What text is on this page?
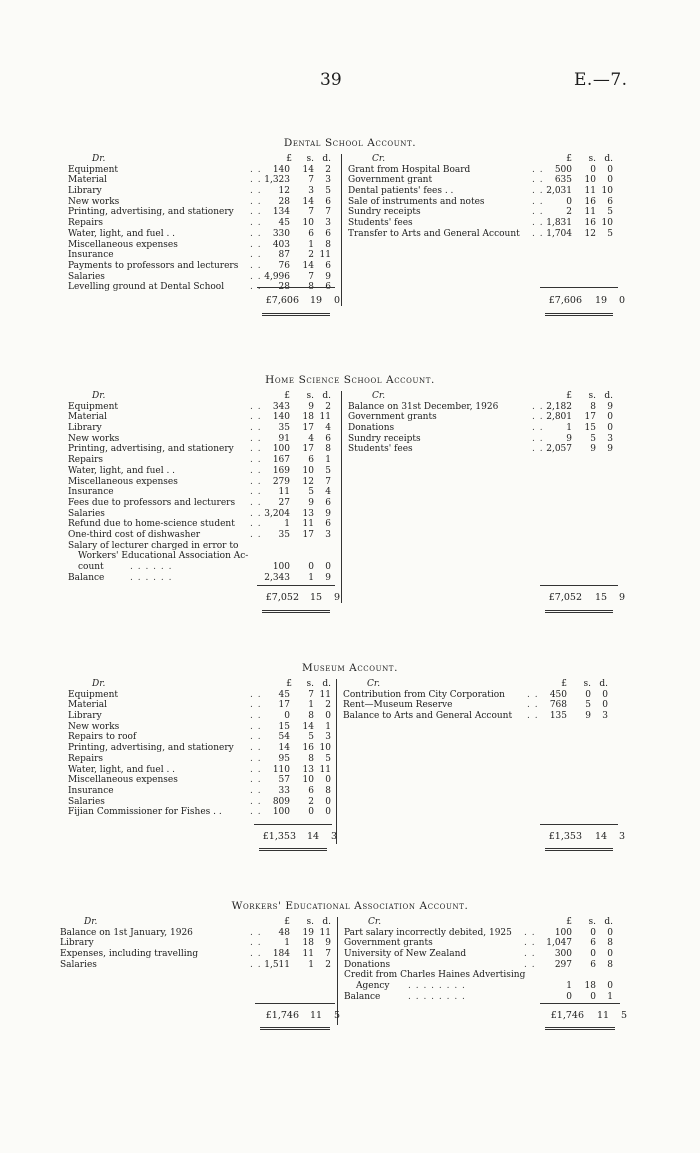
39	E.—7.
Dental School Account.
Dr.	£	s. d.
Equipment	. .	140	14	2
Material	. . 1,323	7	3
Library	. .	12	3	5
New works	. .	28	14	6
Printing, advertising, and stationery . .	134	7	7
Repairs	. .	45	10	3
Water, light, and fuel . .	. .	330	6	6
Miscellaneous expenses	. .	403	1	8
Insurance	. .	87	2 11
Payments to professors and lecturers . .	76	14	6
Salaries	. . 4,996	7	9
Levelling ground at Dental School	. .	28	8	6
Cr.	£	s. d.
Grant from Hospital Board	. .	500	0	0
Government grant	. .	635	10	0
Dental patients' fees . .	. . 2,031	11 10
Sale of instruments and notes	. .	0	16	6
Sundry receipts	. .	2	11	5
Students' fees	. . 1,831	16 10
Transfer to Arts and General Account . . 1,704	12	5
£7,606 19 0	£7,606 19 0
Home Science School Account.
Dr.	£	s. d.
Equipment	. .	343	9	2
Material	. .	140	18 11
Library	. .	35	17	4
New works	. .	91	4	6
Printing, advertising, and stationery . .	100	17	8
Repairs	. .	167	6	1
Water, light, and fuel . .	. .	169	10	5
Miscellaneous expenses	. .	279	12	7
Insurance	. .	11	5	4
Fees due to professors and lecturers . .	27	9	6
Salaries	. . 3,204	13	9
Refund due to home-science student . .	1	11	6
One-third cost of dishwasher	. .	35	17	3
Salary of lecturer charged in error to
Workers' Educational Association Ac-
count	. . . . . .	100	0	0
Balance	. . . . . .	2,343	1	9
Cr.	£	s. d.
Balance on 31st December, 1926	. . 2,182	8	9
Government grants	. . 2,801	17	0
Donations	. .	1	15	0
Sundry receipts	. .	9	5	3
Students' fees	. . 2,057	9	9
£7,052 15 9	£7,052 15 9
Museum Account.
Dr.	£	s. d.
Equipment	. .	45	7 11
Material	. .	17	1	2
Library	. .	0	8	0
New works	. .	15	14	1
Repairs to roof	. .	54	5	3
Printing, advertising, and stationery . .	14	16 10
Repairs	. .	95	8	5
Water, light, and fuel . .	. .	110	13 11
Miscellaneous expenses	. .	57	10	0
Insurance	. .	33	6	8
Salaries	. .	809	2	0
Fijian Commissioner for Fishes . .	. .	100	0	0
Cr.	£	s. d.
Contribution from City Corporation . .	450	0	0
Rent—Museum Reserve	. .	768	5	0
Balance to Arts and General Account . .	135	9	3
£1,353 14 3	£1,353 14 3
Workers' Educational Association Account.
Dr.	£	s. d.
Balance on 1st January, 1926	. .	48	19 11
Library	. .	1	18	9
Expenses, including travelling	. .	184	11	7
Salaries	. . 1,511	1	2
Cr.	£	s. d.
Part salary incorrectly debited, 1925 . .	100	0	0
Government grants	. .	1,047	6	8
University of New Zealand	. .	300	0	0
Donations	. .	297	6	8
Credit from Charles Haines Advertising
Agency . . . . . . . .	1	18	0
Balance	. . . . . . . .	0	0	1
£1,746 11 5	£1,746 11 5
